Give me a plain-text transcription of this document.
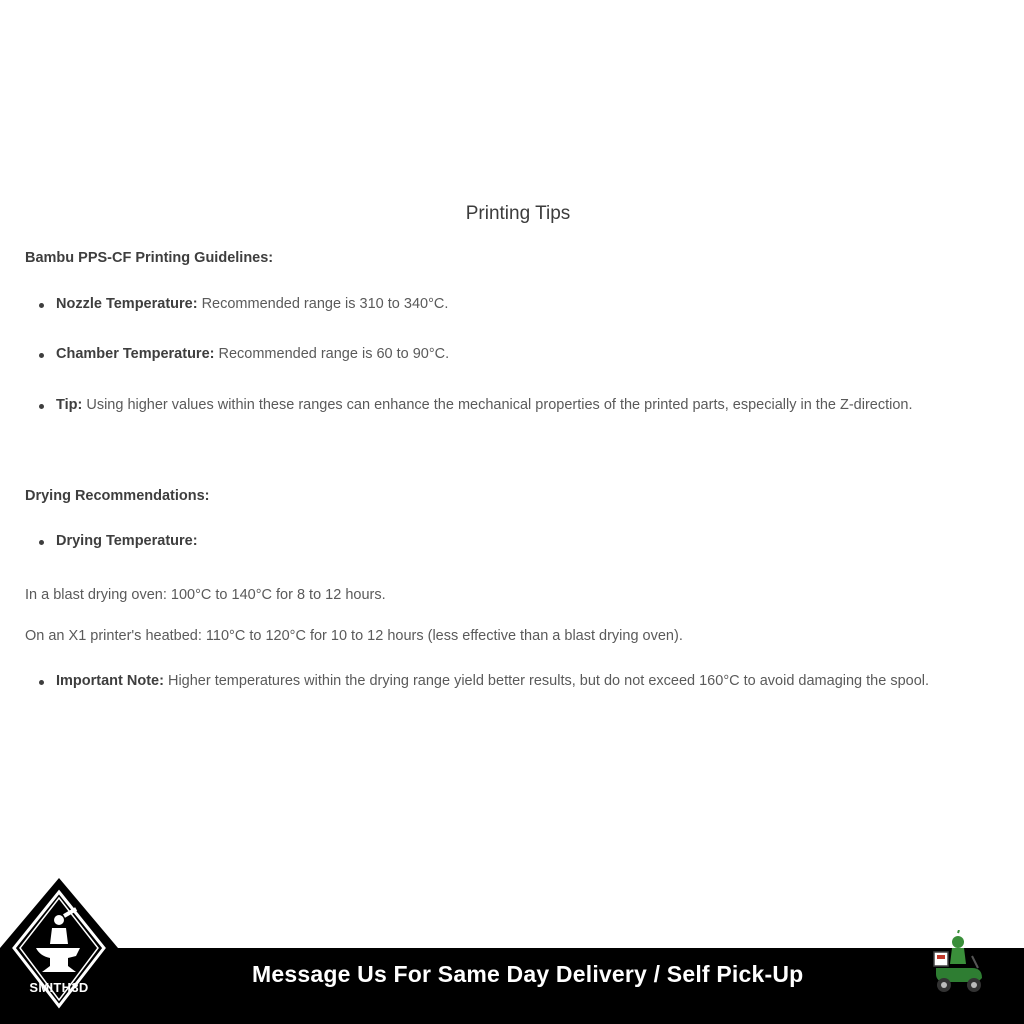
Printing Tips

Bambu PPS-CF Printing Guidelines:

Nozzle Temperature: Recommended range is 310 to 340°C.

Chamber Temperature: Recommended range is 60 to 90°C.

Tip: Using higher values within these ranges can enhance the mechanical properties of the printed parts, especially in the Z-direction.

Drying Recommendations:

Drying Temperature:

In a blast drying oven: 100°C to 140°C for 8 to 12 hours.

On an X1 printer's heatbed: 110°C to 120°C for 10 to 12 hours (less effective than a blast drying oven).

Important Note: Higher temperatures within the drying range yield better results, but do not exceed 160°C to avoid damaging the spool.

SMITH3D
Message Us For Same Day Delivery / Self Pick-Up
